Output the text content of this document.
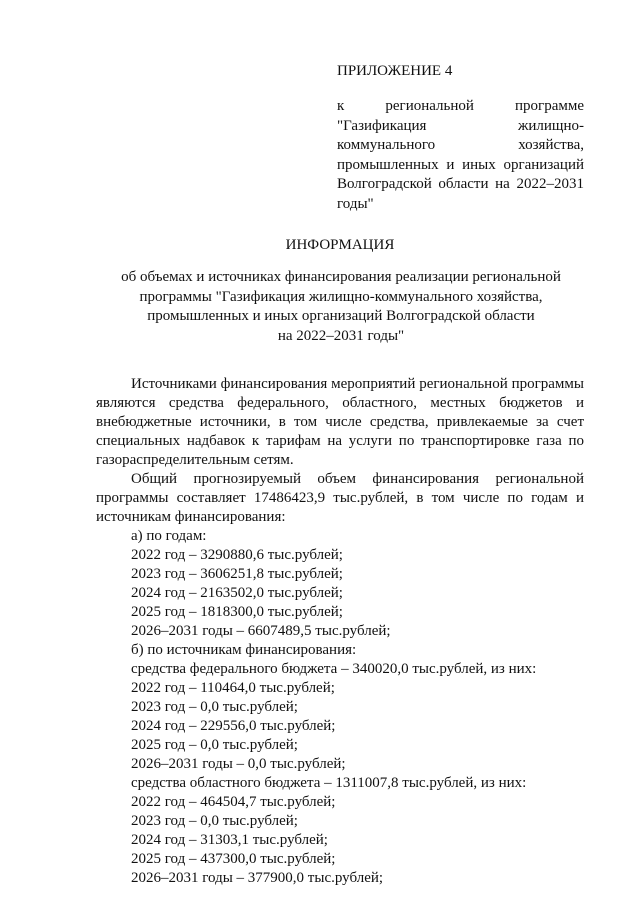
ПРИЛОЖЕНИЕ 4

к региональной программе "Газификация жилищно-коммунального хозяйства, промышленных и иных организаций Волгоградской области на 2022–2031 годы"

ИНФОРМАЦИЯ

об объемах и источниках финансирования реализации региональной
программы "Газификация жилищно-коммунального хозяйства,
промышленных и иных организаций Волгоградской области
на 2022–2031 годы"

Источниками финансирования мероприятий региональной программы являются средства федерального, областного, местных бюджетов и внебюджетные источники, в том числе средства, привлекаемые за счет специальных надбавок к тарифам на услуги по транспортировке газа по газораспределительным сетям.

Общий прогнозируемый объем финансирования региональной программы составляет 17486423,9 тыс.рублей, в том числе по годам и источникам финансирования:

а) по годам:

2022 год – 3290880,6 тыс.рублей;

2023 год – 3606251,8 тыс.рублей;

2024 год – 2163502,0 тыс.рублей;

2025 год – 1818300,0 тыс.рублей;

2026–2031 годы – 6607489,5 тыс.рублей;

б) по источникам финансирования:

средства федерального бюджета – 340020,0 тыс.рублей, из них:

2022 год – 110464,0 тыс.рублей;

2023 год – 0,0 тыс.рублей;

2024 год – 229556,0 тыс.рублей;

2025 год – 0,0 тыс.рублей;

2026–2031 годы – 0,0 тыс.рублей;

средства областного бюджета – 1311007,8 тыс.рублей, из них:

2022 год – 464504,7 тыс.рублей;

2023 год – 0,0 тыс.рублей;

2024 год – 31303,1 тыс.рублей;

2025 год – 437300,0 тыс.рублей;

2026–2031 годы – 377900,0 тыс.рублей;
